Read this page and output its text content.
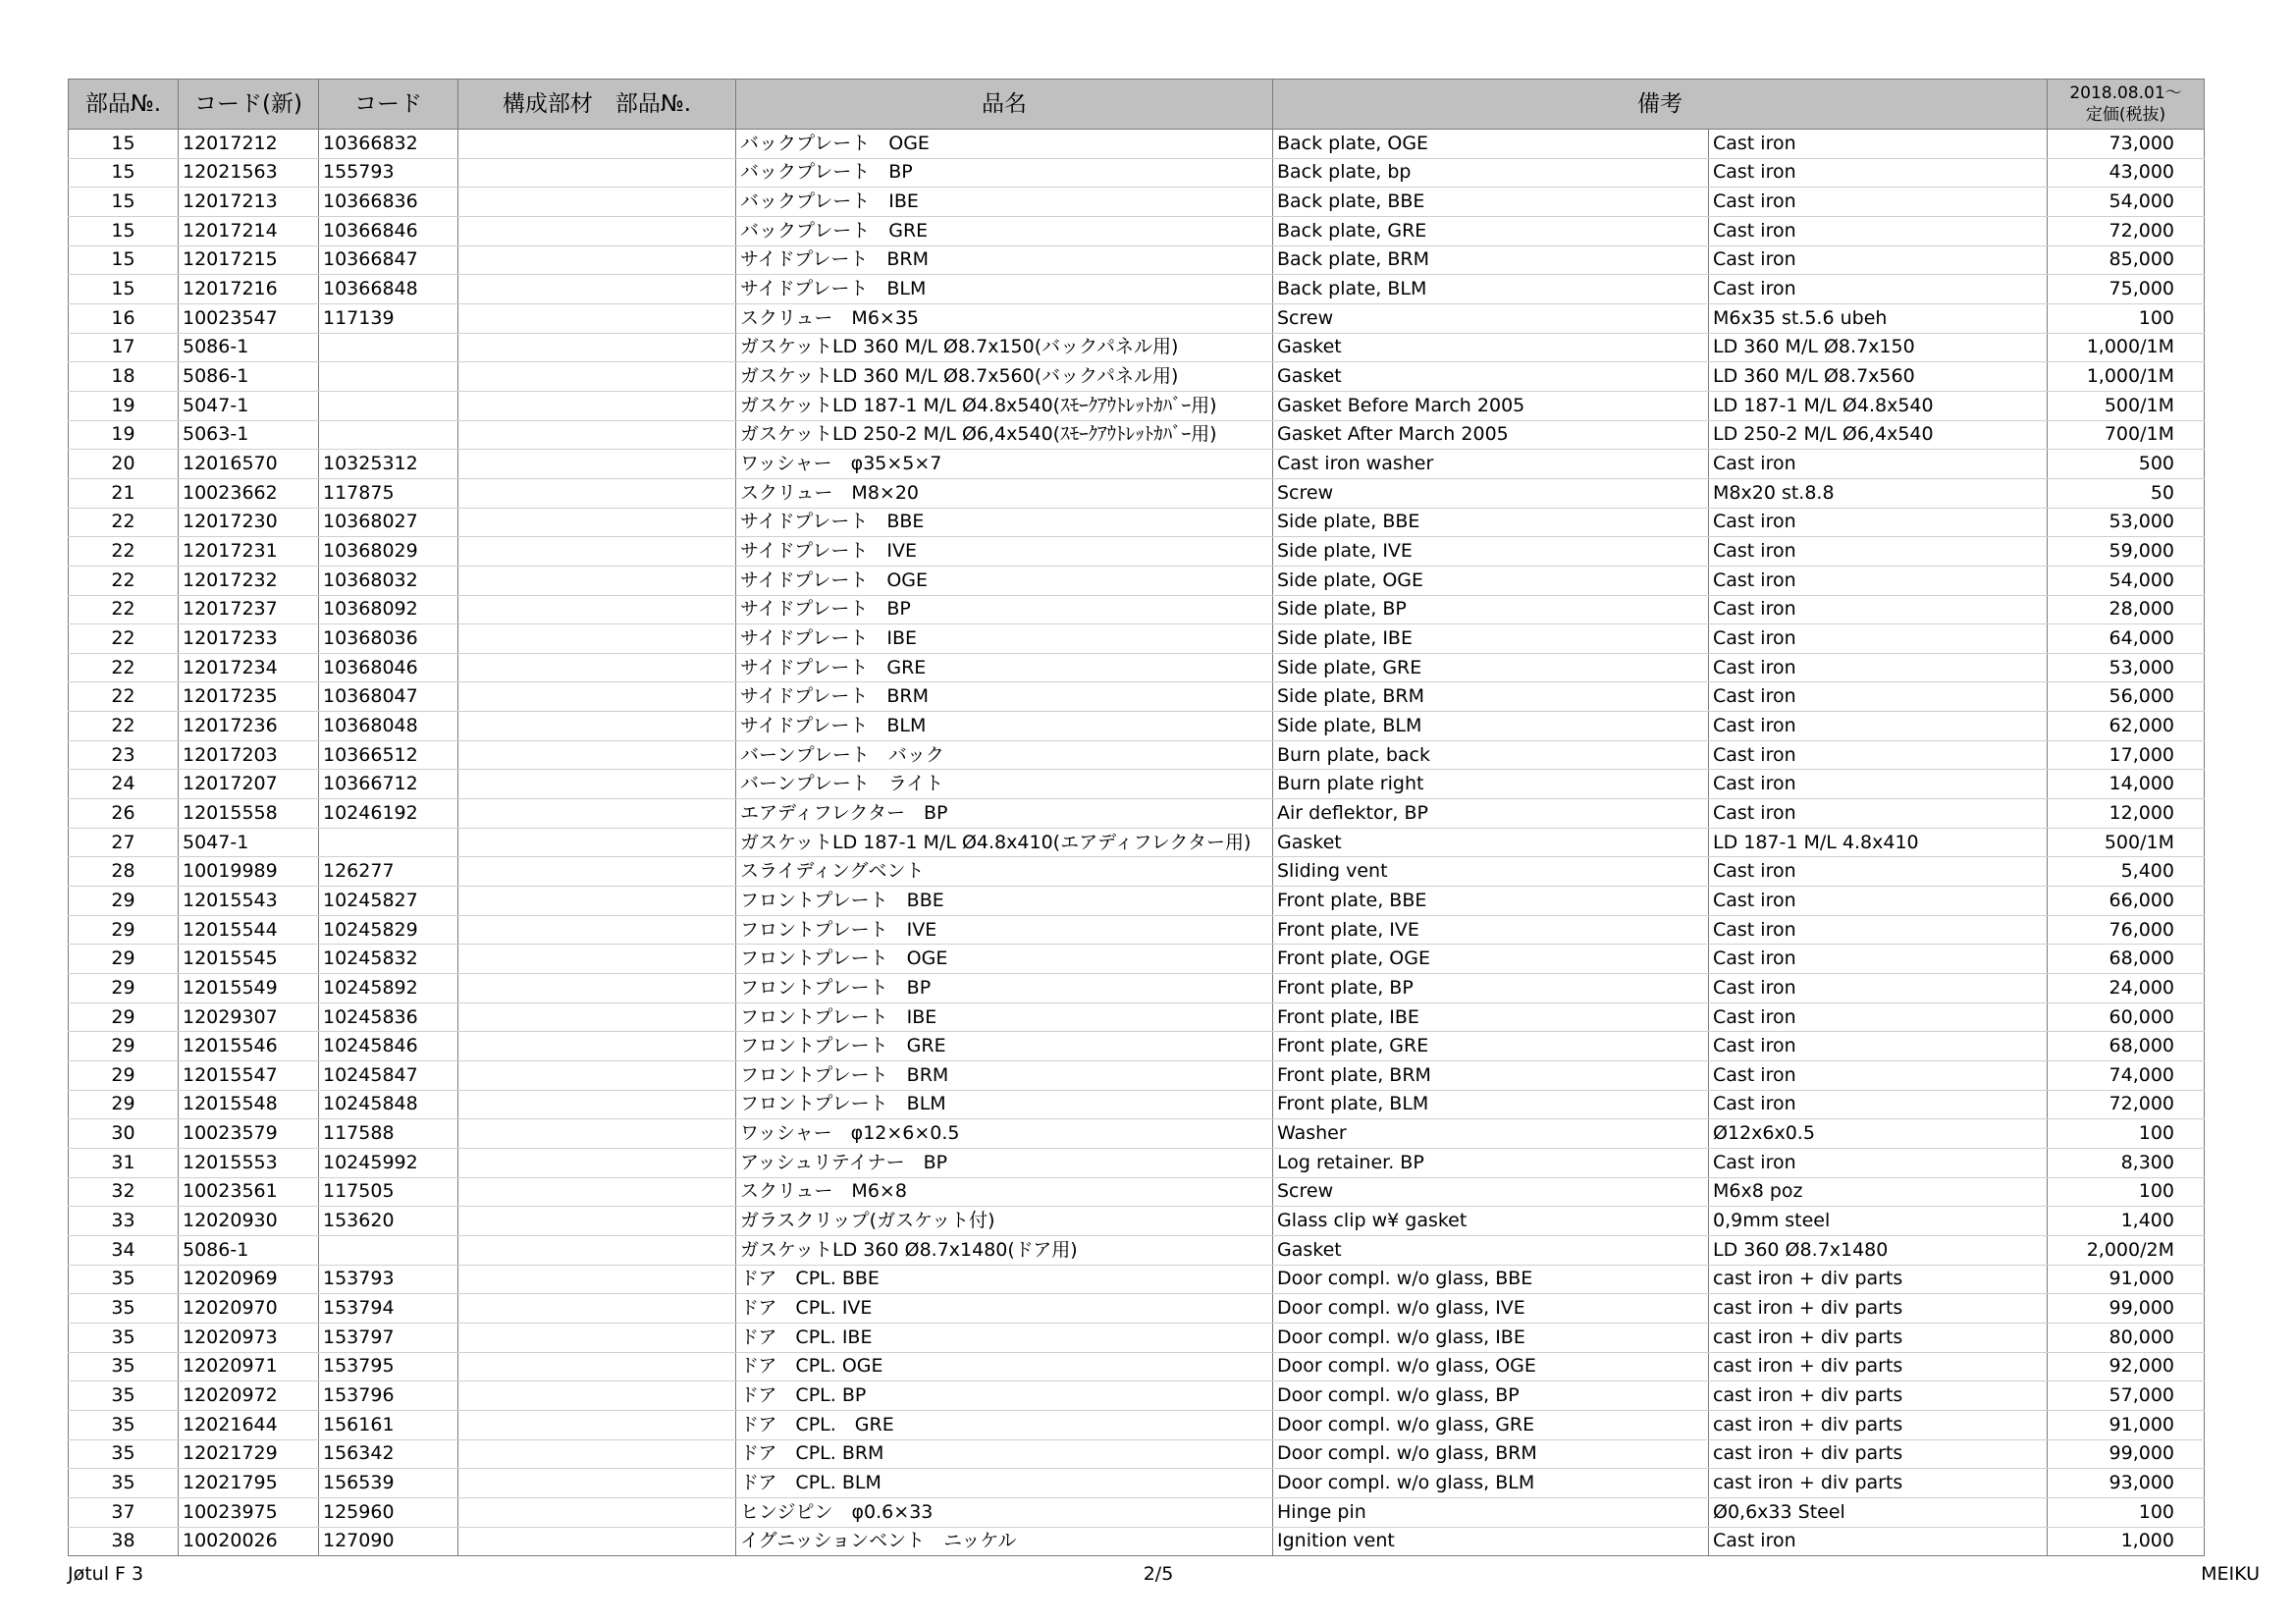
部品№.	コード(新)	コード	構成部材　部品№.	品名	備考		2018.08.01～
定価(税抜)

15	12017212	10366832		バックプレート　OGE	Back plate, OGE	Cast iron	73,000
15	12021563	155793		バックプレート　BP	Back plate, bp	Cast iron	43,000
15	12017213	10366836		バックプレート　IBE	Back plate, BBE	Cast iron	54,000
15	12017214	10366846		バックプレート　GRE	Back plate, GRE	Cast iron	72,000
15	12017215	10366847		サイドプレート　BRM	Back plate, BRM	Cast iron	85,000
15	12017216	10366848		サイドプレート　BLM	Back plate, BLM	Cast iron	75,000
16	10023547	117139		スクリュー　M6×35	Screw	M6x35 st.5.6 ubeh	100
17	5086-1			ガスケットLD 360 M/L Ø8.7x150(バックパネル用)	Gasket	LD 360 M/L Ø8.7x150	1,000/1M
18	5086-1			ガスケットLD 360 M/L Ø8.7x560(バックパネル用)	Gasket	LD 360 M/L Ø8.7x560	1,000/1M
19	5047-1			ガスケットLD 187-1 M/L Ø4.8x540(ｽﾓｰｸｱｳﾄﾚｯﾄｶﾊﾞｰ用)	Gasket Before March 2005	LD 187-1 M/L Ø4.8x540	500/1M
19	5063-1			ガスケットLD 250-2 M/L Ø6,4x540(ｽﾓｰｸｱｳﾄﾚｯﾄｶﾊﾞｰ用)	Gasket After March 2005	LD 250-2 M/L Ø6,4x540	700/1M
20	12016570	10325312		ワッシャー　φ35×5×7	Cast iron washer	Cast iron	500
21	10023662	117875		スクリュー　M8×20	Screw	M8x20 st.8.8	50
22	12017230	10368027		サイドプレート　BBE	Side plate, BBE	Cast iron	53,000
22	12017231	10368029		サイドプレート　IVE	Side plate, IVE	Cast iron	59,000
22	12017232	10368032		サイドプレート　OGE	Side plate, OGE	Cast iron	54,000
22	12017237	10368092		サイドプレート　BP	Side plate, BP	Cast iron	28,000
22	12017233	10368036		サイドプレート　IBE	Side plate, IBE	Cast iron	64,000
22	12017234	10368046		サイドプレート　GRE	Side plate, GRE	Cast iron	53,000
22	12017235	10368047		サイドプレート　BRM	Side plate, BRM	Cast iron	56,000
22	12017236	10368048		サイドプレート　BLM	Side plate, BLM	Cast iron	62,000
23	12017203	10366512		バーンプレート　バック	Burn plate, back	Cast iron	17,000
24	12017207	10366712		バーンプレート　ライト	Burn plate right	Cast iron	14,000
26	12015558	10246192		エアディフレクター　BP	Air deflektor, BP	Cast iron	12,000
27	5047-1			ガスケットLD 187-1 M/L Ø4.8x410(エアディフレクター用)	Gasket	LD 187-1 M/L 4.8x410	500/1M
28	10019989	126277		スライディングベント	Sliding vent	Cast iron	5,400
29	12015543	10245827		フロントプレート　BBE	Front plate, BBE	Cast iron	66,000
29	12015544	10245829		フロントプレート　IVE	Front plate, IVE	Cast iron	76,000
29	12015545	10245832		フロントプレート　OGE	Front plate, OGE	Cast iron	68,000
29	12015549	10245892		フロントプレート　BP	Front plate, BP	Cast iron	24,000
29	12029307	10245836		フロントプレート　IBE	Front plate, IBE	Cast iron	60,000
29	12015546	10245846		フロントプレート　GRE	Front plate, GRE	Cast iron	68,000
29	12015547	10245847		フロントプレート　BRM	Front plate, BRM	Cast iron	74,000
29	12015548	10245848		フロントプレート　BLM	Front plate, BLM	Cast iron	72,000
30	10023579	117588		ワッシャー　φ12×6×0.5	Washer	Ø12x6x0.5	100
31	12015553	10245992		アッシュリテイナー　BP	Log retainer. BP	Cast iron	8,300
32	10023561	117505		スクリュー　M6×8	Screw	M6x8 poz	100
33	12020930	153620		ガラスクリップ(ガスケット付)	Glass clip w¥ gasket	0,9mm steel	1,400
34	5086-1			ガスケットLD 360 Ø8.7x1480(ドア用)	Gasket	LD 360 Ø8.7x1480	2,000/2M
35	12020969	153793		ドア　CPL. BBE	Door compl. w/o glass, BBE	cast iron + div parts	91,000
35	12020970	153794		ドア　CPL. IVE	Door compl. w/o glass, IVE	cast iron + div parts	99,000
35	12020973	153797		ドア　CPL. IBE	Door compl. w/o glass, IBE	cast iron + div parts	80,000
35	12020971	153795		ドア　CPL. OGE	Door compl. w/o glass, OGE	cast iron + div parts	92,000
35	12020972	153796		ドア　CPL. BP	Door compl. w/o glass, BP	cast iron + div parts	57,000
35	12021644	156161		ドア　CPL.　GRE	Door compl. w/o glass, GRE	cast iron + div parts	91,000
35	12021729	156342		ドア　CPL. BRM	Door compl. w/o glass, BRM	cast iron + div parts	99,000
35	12021795	156539		ドア　CPL. BLM	Door compl. w/o glass, BLM	cast iron + div parts	93,000
37	10023975	125960		ヒンジピン　φ0.6×33	Hinge pin	Ø0,6x33 Steel	100
38	10020026	127090		イグニッションベント　ニッケル	Ignition vent	Cast iron	1,000
Jøtul F 3	2/5	MEIKU
